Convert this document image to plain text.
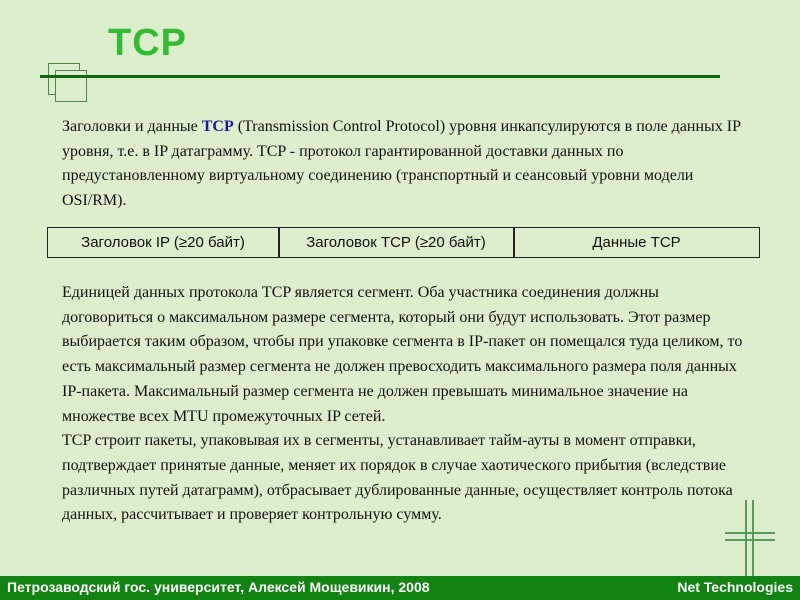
TCP

Заголовки и данные TCP (Transmission Control Protocol) уровня инкапсулируются в поле данных IP уровня, т.е. в IP датаграмму. TCP - протокол гарантированной доставки данных по предустановленному виртуальному соединению (транспортный и сеансовый уровни модели OSI/RM).

Заголовок IP (≥20 байт)	Заголовок TCP (≥20 байт)	Данные TCP
Единицей данных протокола TCP является сегмент. Оба участника соединения должны договориться о максимальном размере сегмента, который они будут использовать. Этот размер выбирается таким образом, чтобы при упаковке сегмента в IP-пакет он помещался туда целиком, то есть максимальный размер сегмента не должен превосходить максимального размера поля данных IP-пакета. Максимальный размер сегмента не должен превышать минимальное значение на множестве всех MTU промежуточных IP сетей.
TCP строит пакеты, упаковывая их в сегменты, устанавливает тайм-ауты в момент отправки, подтверждает принятые данные, меняет их порядок в случае хаотического прибытия (вследствие различных путей датаграмм), отбрасывает дублированные данные, осуществляет контроль потока данных, рассчитывает и проверяет контрольную сумму.
Петрозаводский гос. университет, Алексей Мощевикин, 2008	Net Technologies
